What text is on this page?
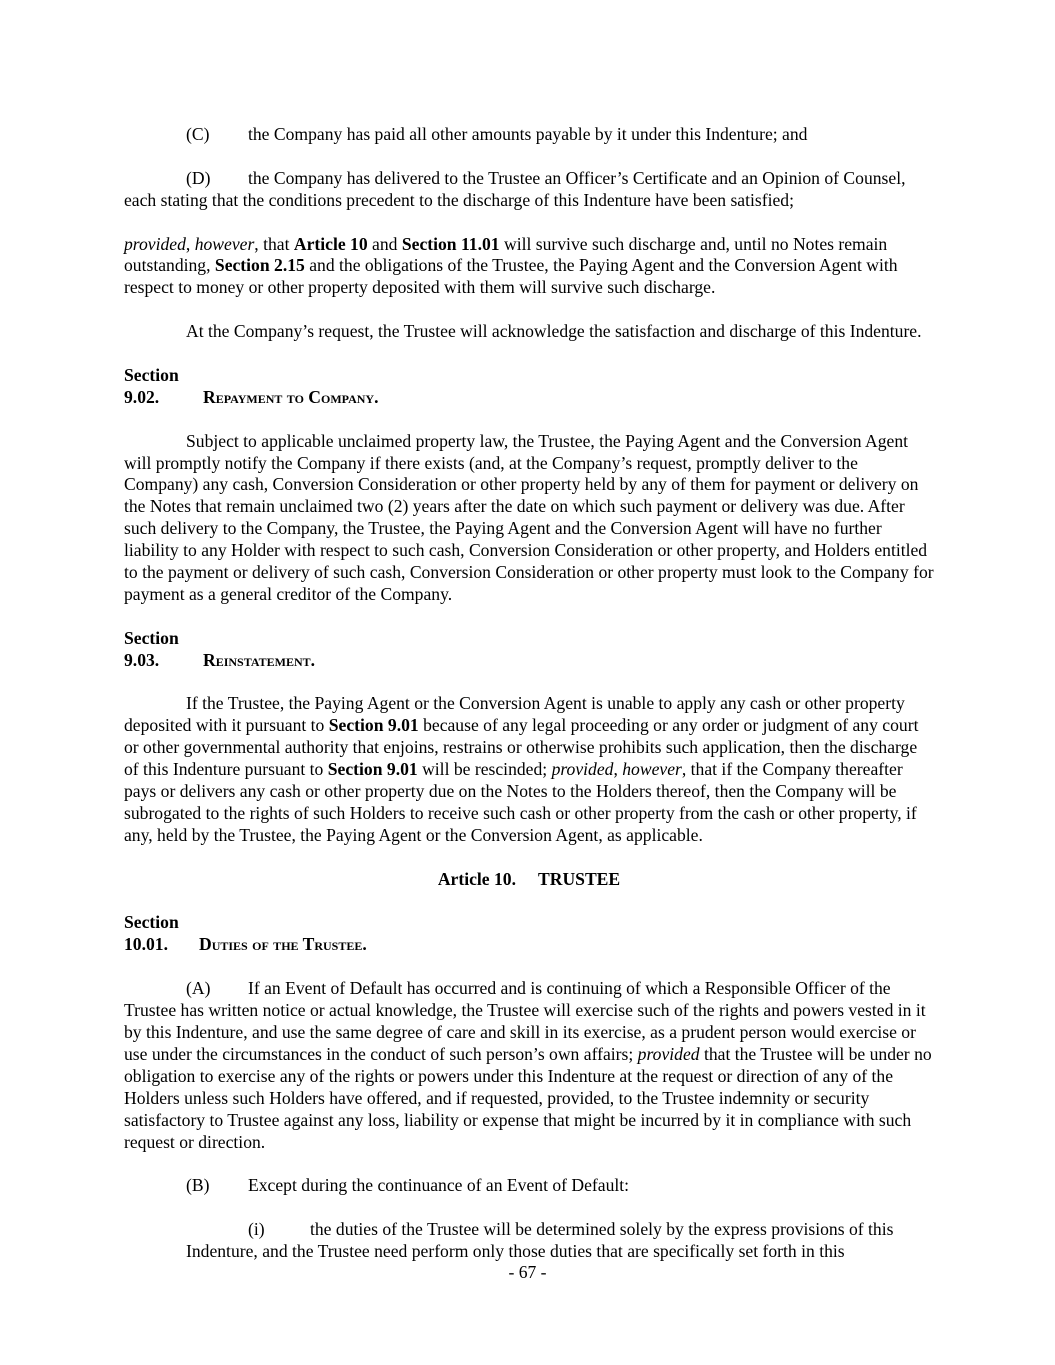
(C) the Company has paid all other amounts payable by it under this Indenture; and

(D) the Company has delivered to the Trustee an Officer’s Certificate and an Opinion of Counsel, each stating that the conditions precedent to the discharge of this Indenture have been satisfied;

provided, however, that Article 10 and Section 11.01 will survive such discharge and, until no Notes remain outstanding, Section 2.15 and the obligations of the Trustee, the Paying Agent and the Conversion Agent with respect to money or other property deposited with them will survive such discharge.

At the Company’s request, the Trustee will acknowledge the satisfaction and discharge of this Indenture.

Section 9.02. Repayment to Company.

Subject to applicable unclaimed property law, the Trustee, the Paying Agent and the Conversion Agent will promptly notify the Company if there exists (and, at the Company’s request, promptly deliver to the Company) any cash, Conversion Consideration or other property held by any of them for payment or delivery on the Notes that remain unclaimed two (2) years after the date on which such payment or delivery was due. After such delivery to the Company, the Trustee, the Paying Agent and the Conversion Agent will have no further liability to any Holder with respect to such cash, Conversion Consideration or other property, and Holders entitled to the payment or delivery of such cash, Conversion Consideration or other property must look to the Company for payment as a general creditor of the Company.

Section 9.03. Reinstatement.

If the Trustee, the Paying Agent or the Conversion Agent is unable to apply any cash or other property deposited with it pursuant to Section 9.01 because of any legal proceeding or any order or judgment of any court or other governmental authority that enjoins, restrains or otherwise prohibits such application, then the discharge of this Indenture pursuant to Section 9.01 will be rescinded; provided, however, that if the Company thereafter pays or delivers any cash or other property due on the Notes to the Holders thereof, then the Company will be subrogated to the rights of such Holders to receive such cash or other property from the cash or other property, if any, held by the Trustee, the Paying Agent or the Conversion Agent, as applicable.

Article 10. TRUSTEE

Section 10.01. Duties of the Trustee.

(A) If an Event of Default has occurred and is continuing of which a Responsible Officer of the Trustee has written notice or actual knowledge, the Trustee will exercise such of the rights and powers vested in it by this Indenture, and use the same degree of care and skill in its exercise, as a prudent person would exercise or use under the circumstances in the conduct of such person’s own affairs; provided that the Trustee will be under no obligation to exercise any of the rights or powers under this Indenture at the request or direction of any of the Holders unless such Holders have offered, and if requested, provided, to the Trustee indemnity or security satisfactory to Trustee against any loss, liability or expense that might be incurred by it in compliance with such request or direction.

(B) Except during the continuance of an Event of Default:

(i)	the duties of the Trustee will be determined solely by the express provisions of this Indenture, and the Trustee need perform only those duties that are specifically set forth in this

- 67 -
